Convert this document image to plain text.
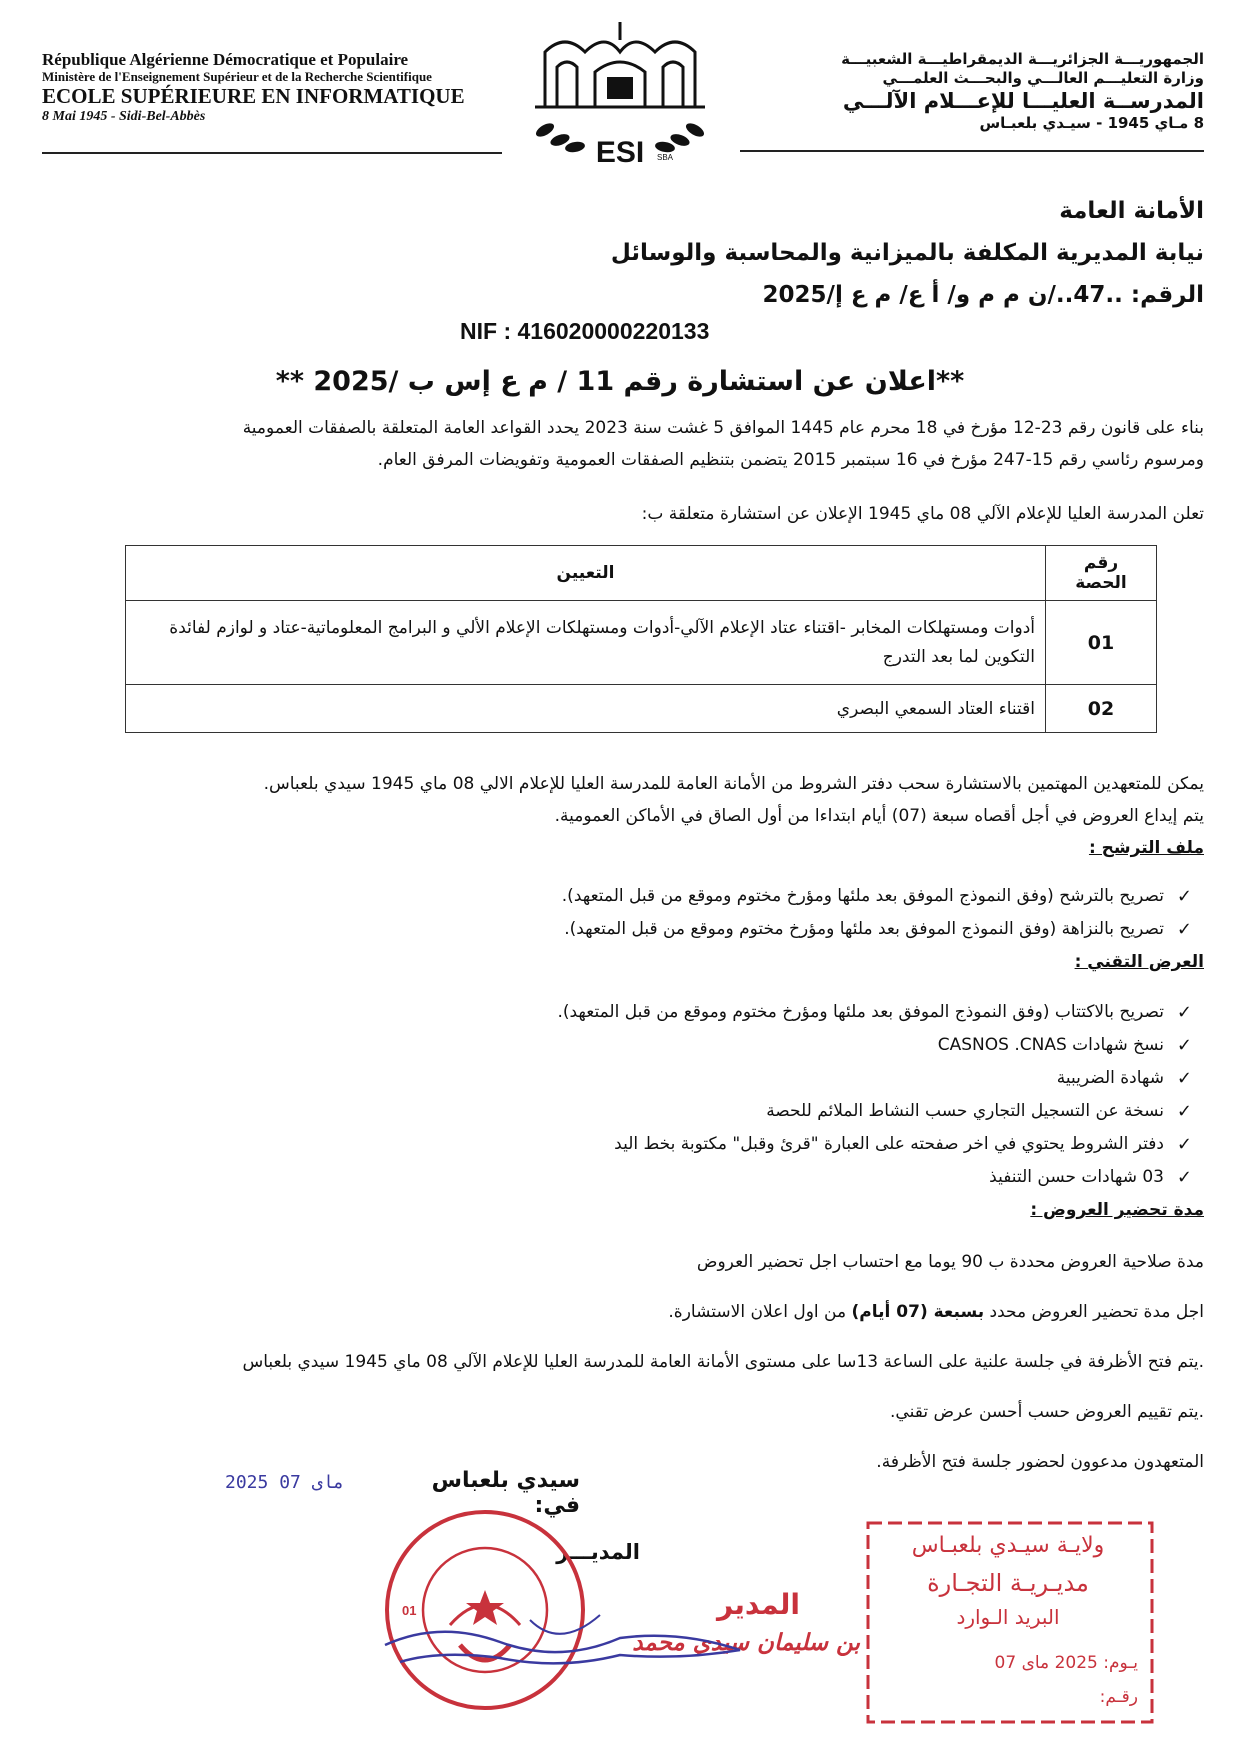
République Algérienne Démocratique et Populaire
Ministère de l'Enseignement Supérieur et de la Recherche Scientifique
ECOLE SUPÉRIEURE EN INFORMATIQUE
8 Mai 1945 - Sidi-Bel-Abbès
ESI SBA
الجمهوريـــة الجزائريـــة الديمقراطيـــة الشعبيـــة
وزارة التعليـــم العالـــي والبحـــث العلمـــي
المدرســة العليـــا للإعـــلام الآلـــي
8 مـاي 1945 - سيـدي بلعبـاس
الأمانة العامة
نيابة المديرية المكلفة بالميزانية والمحاسبة والوسائل
الرقم: ..47../ن م م و/ أ ع/ م ع إ/2025
NIF : 416020000220133
**اعلان عن استشارة رقم 11 / م ع إس ب /2025 **
بناء على قانون رقم 23-12 مؤرخ في 18 محرم عام 1445 الموافق 5 غشت سنة 2023 يحدد القواعد العامة المتعلقة بالصفقات العمومية
ومرسوم رئاسي رقم 15-247 مؤرخ في 16 سبتمبر 2015 يتضمن بتنظيم الصفقات العمومية وتفويضات المرفق العام.
تعلن المدرسة العليا للإعلام الآلي 08 ماي 1945 الإعلان عن استشارة متعلقة ب:
رقم الحصة	التعيين
01	أدوات ومستهلكات المخابر -اقتناء عتاد الإعلام الآلي-أدوات ومستهلكات الإعلام الألي و البرامج المعلوماتية-عتاد و لوازم لفائدة التكوين لما بعد التدرج
02	اقتناء العتاد السمعي البصري
يمكن للمتعهدين المهتمين بالاستشارة سحب دفتر الشروط من الأمانة العامة للمدرسة العليا للإعلام الالي 08 ماي 1945 سيدي بلعباس.
يتم إيداع العروض في أجل أقصاه سبعة (07) أيام ابتداءا من أول الصاق في الأماكن العمومية.
ملف الترشح :
✓
تصريح بالترشح (وفق النموذج الموفق بعد ملئها ومؤرخ مختوم وموقع من قبل المتعهد).
✓
تصريح بالنزاهة (وفق النموذج الموفق بعد ملئها ومؤرخ مختوم وموقع من قبل المتعهد).
العرض التقني :
✓
تصريح بالاكتتاب (وفق النموذج الموفق بعد ملئها ومؤرخ مختوم وموقع من قبل المتعهد).
✓
نسخ شهادات CASNOS .CNAS
✓
شهادة الضريبية
✓
نسخة عن التسجيل التجاري حسب النشاط الملائم للحصة
✓
دفتر الشروط يحتوي في اخر صفحته على العبارة "قرئ وقبل" مكتوبة بخط اليد
✓
03 شهادات حسن التنفيذ
مدة تحضير العروض :
مدة صلاحية العروض محددة ب 90 يوما مع احتساب اجل تحضير العروض
اجل مدة تحضير العروض محدد بسبعة (07 أيام) من اول اعلان الاستشارة.
.يتم فتح الأظرفة في جلسة علنية على الساعة 13سا على مستوى الأمانة العامة للمدرسة العليا للإعلام الآلي 08 ماي 1945 سيدي بلعباس
.يتم تقييم العروض حسب أحسن عرض تقني.
المتعهدون مدعوون لحضور جلسة فتح الأظرفة.
2025 مای 07	سيدي بلعباس في:
المديـــر
01	المدير
بن سليمان سيدي محمد
ولايـة سيـدي بلعبـاس
مديـريـة التجـارة
البريد الـوارد
يـوم: 2025 مای 07
رقـم:
